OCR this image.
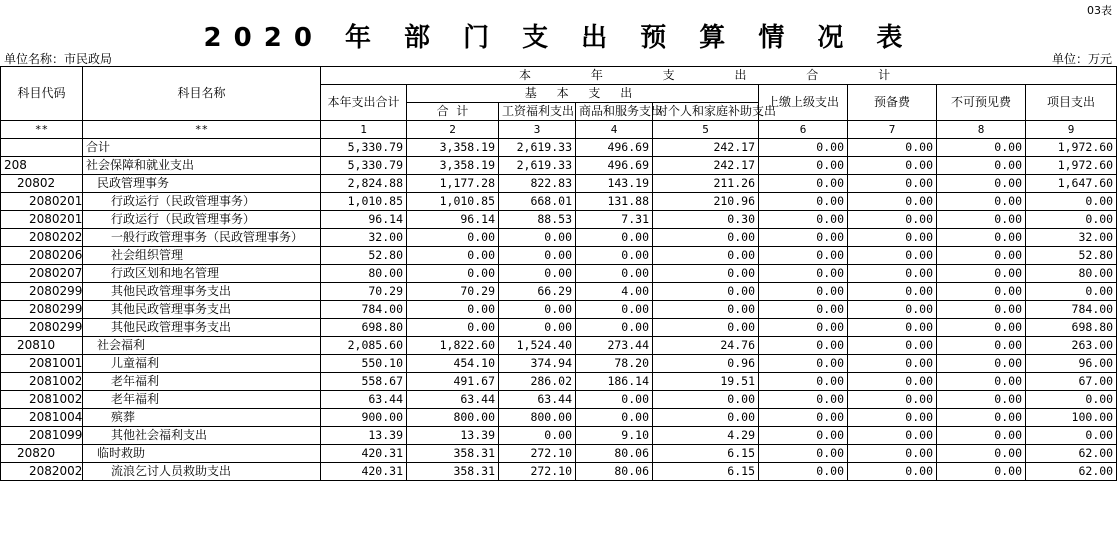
03表
2020 年 部 门 支 出 预 算 情 况 表
单位名称：市民政局	单位：万元
科目代码	科目名称	本 年 支 出 合 计								
		本年支出合计	基 本 支 出				上缴上级支出	预备费	不可预见费	项目支出
			合  计	工资福利支出	商品和服务支出	对个人和家庭补助支出				
**	**	1	2	3	4	5	6	7	8	9
	合计	5,330.79	3,358.19	2,619.33	496.69	242.17	0.00	0.00	0.00	1,972.60
208	社会保障和就业支出	5,330.79	3,358.19	2,619.33	496.69	242.17	0.00	0.00	0.00	1,972.60
20802	民政管理事务	2,824.88	1,177.28	822.83	143.19	211.26	0.00	0.00	0.00	1,647.60
2080201	行政运行（民政管理事务）	1,010.85	1,010.85	668.01	131.88	210.96	0.00	0.00	0.00	0.00
2080201	行政运行（民政管理事务）	96.14	96.14	88.53	7.31	0.30	0.00	0.00	0.00	0.00
2080202	一般行政管理事务（民政管理事务）	32.00	0.00	0.00	0.00	0.00	0.00	0.00	0.00	32.00
2080206	社会组织管理	52.80	0.00	0.00	0.00	0.00	0.00	0.00	0.00	52.80
2080207	行政区划和地名管理	80.00	0.00	0.00	0.00	0.00	0.00	0.00	0.00	80.00
2080299	其他民政管理事务支出	70.29	70.29	66.29	4.00	0.00	0.00	0.00	0.00	0.00
2080299	其他民政管理事务支出	784.00	0.00	0.00	0.00	0.00	0.00	0.00	0.00	784.00
2080299	其他民政管理事务支出	698.80	0.00	0.00	0.00	0.00	0.00	0.00	0.00	698.80
20810	社会福利	2,085.60	1,822.60	1,524.40	273.44	24.76	0.00	0.00	0.00	263.00
2081001	儿童福利	550.10	454.10	374.94	78.20	0.96	0.00	0.00	0.00	96.00
2081002	老年福利	558.67	491.67	286.02	186.14	19.51	0.00	0.00	0.00	67.00
2081002	老年福利	63.44	63.44	63.44	0.00	0.00	0.00	0.00	0.00	0.00
2081004	殡葬	900.00	800.00	800.00	0.00	0.00	0.00	0.00	0.00	100.00
2081099	其他社会福利支出	13.39	13.39	0.00	9.10	4.29	0.00	0.00	0.00	0.00
20820	临时救助	420.31	358.31	272.10	80.06	6.15	0.00	0.00	0.00	62.00
2082002	流浪乞讨人员救助支出	420.31	358.31	272.10	80.06	6.15	0.00	0.00	0.00	62.00
